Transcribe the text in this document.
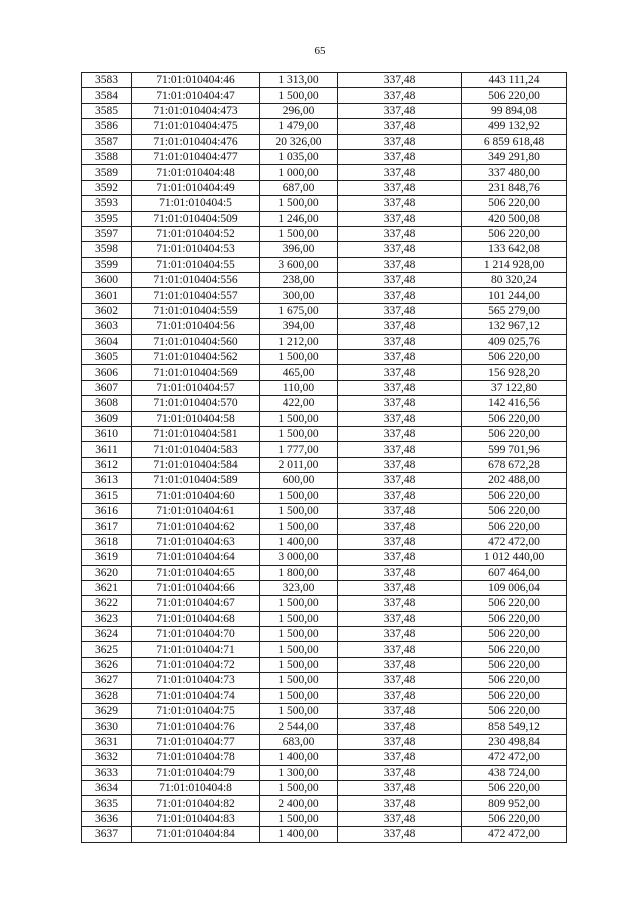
65
3583	71:01:010404:46	1 313,00	337,48	443 111,24
3584	71:01:010404:47	1 500,00	337,48	506 220,00
3585	71:01:010404:473	296,00	337,48	99 894,08
3586	71:01:010404:475	1 479,00	337,48	499 132,92
3587	71:01:010404:476	20 326,00	337,48	6 859 618,48
3588	71:01:010404:477	1 035,00	337,48	349 291,80
3589	71:01:010404:48	1 000,00	337,48	337 480,00
3592	71:01:010404:49	687,00	337,48	231 848,76
3593	71:01:010404:5	1 500,00	337,48	506 220,00
3595	71:01:010404:509	1 246,00	337,48	420 500,08
3597	71:01:010404:52	1 500,00	337,48	506 220,00
3598	71:01:010404:53	396,00	337,48	133 642,08
3599	71:01:010404:55	3 600,00	337,48	1 214 928,00
3600	71:01:010404:556	238,00	337,48	80 320,24
3601	71:01:010404:557	300,00	337,48	101 244,00
3602	71:01:010404:559	1 675,00	337,48	565 279,00
3603	71:01:010404:56	394,00	337,48	132 967,12
3604	71:01:010404:560	1 212,00	337,48	409 025,76
3605	71:01:010404:562	1 500,00	337,48	506 220,00
3606	71:01:010404:569	465,00	337,48	156 928,20
3607	71:01:010404:57	110,00	337,48	37 122,80
3608	71:01:010404:570	422,00	337,48	142 416,56
3609	71:01:010404:58	1 500,00	337,48	506 220,00
3610	71:01:010404:581	1 500,00	337,48	506 220,00
3611	71:01:010404:583	1 777,00	337,48	599 701,96
3612	71:01:010404:584	2 011,00	337,48	678 672,28
3613	71:01:010404:589	600,00	337,48	202 488,00
3615	71:01:010404:60	1 500,00	337,48	506 220,00
3616	71:01:010404:61	1 500,00	337,48	506 220,00
3617	71:01:010404:62	1 500,00	337,48	506 220,00
3618	71:01:010404:63	1 400,00	337,48	472 472,00
3619	71:01:010404:64	3 000,00	337,48	1 012 440,00
3620	71:01:010404:65	1 800,00	337,48	607 464,00
3621	71:01:010404:66	323,00	337,48	109 006,04
3622	71:01:010404:67	1 500,00	337,48	506 220,00
3623	71:01:010404:68	1 500,00	337,48	506 220,00
3624	71:01:010404:70	1 500,00	337,48	506 220,00
3625	71:01:010404:71	1 500,00	337,48	506 220,00
3626	71:01:010404:72	1 500,00	337,48	506 220,00
3627	71:01:010404:73	1 500,00	337,48	506 220,00
3628	71:01:010404:74	1 500,00	337,48	506 220,00
3629	71:01:010404:75	1 500,00	337,48	506 220,00
3630	71:01:010404:76	2 544,00	337,48	858 549,12
3631	71:01:010404:77	683,00	337,48	230 498,84
3632	71:01:010404:78	1 400,00	337,48	472 472,00
3633	71:01:010404:79	1 300,00	337,48	438 724,00
3634	71:01:010404:8	1 500,00	337,48	506 220,00
3635	71:01:010404:82	2 400,00	337,48	809 952,00
3636	71:01:010404:83	1 500,00	337,48	506 220,00
3637	71:01:010404:84	1 400,00	337,48	472 472,00
